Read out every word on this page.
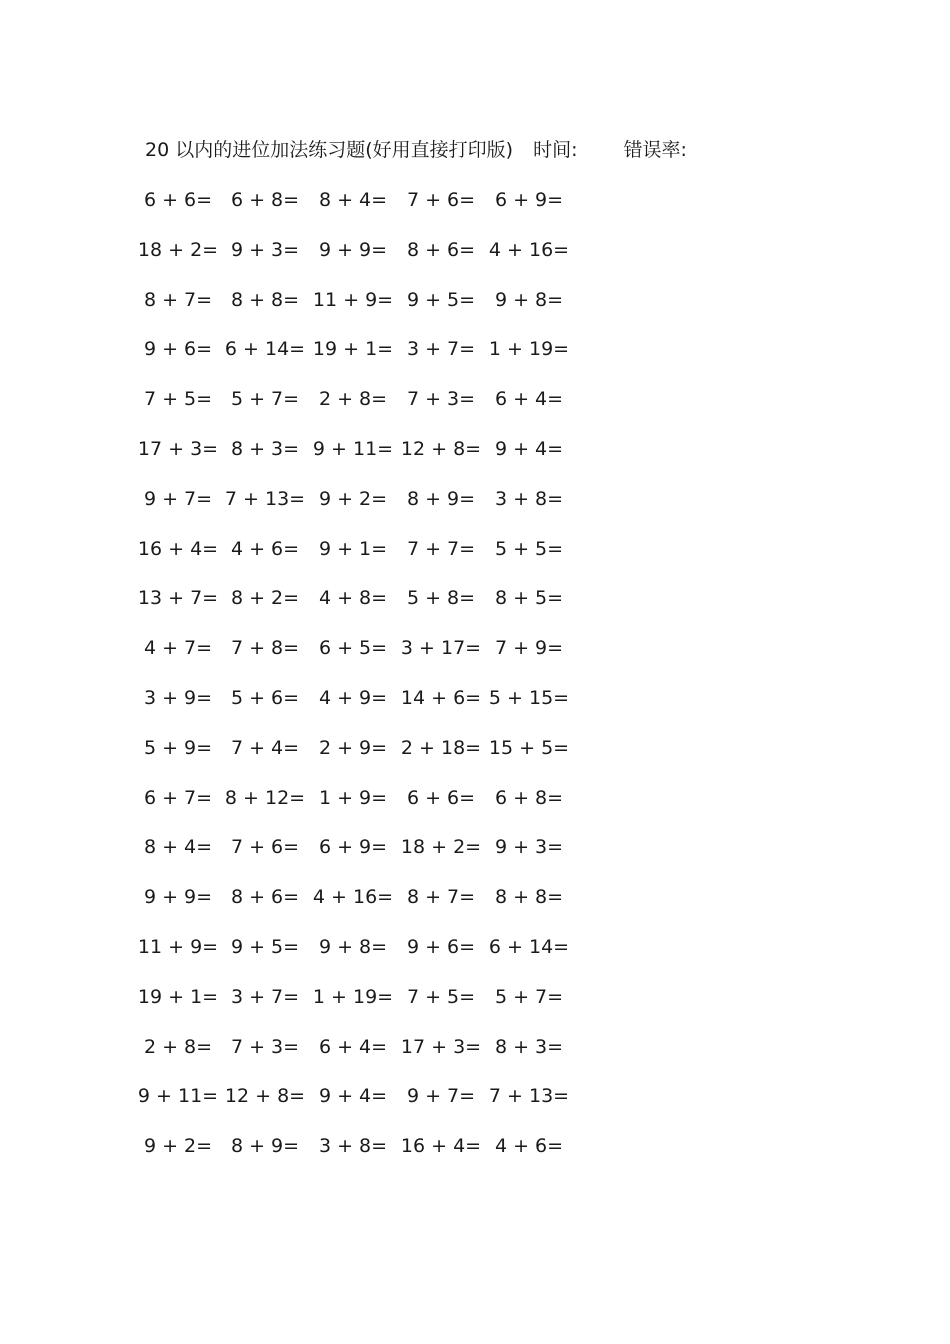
20 以内的进位加法练习题(好用直接打印版) 时间: 错误率:
6 + 6= 6 + 8= 8 + 4= 7 + 6= 6 + 9=
18 + 2= 9 + 3= 9 + 9= 8 + 6= 4 + 16=
8 + 7= 8 + 8= 11 + 9= 9 + 5= 9 + 8=
9 + 6= 6 + 14= 19 + 1= 3 + 7= 1 + 19=
7 + 5= 5 + 7= 2 + 8= 7 + 3= 6 + 4=
17 + 3= 8 + 3= 9 + 11= 12 + 8= 9 + 4=
9 + 7= 7 + 13= 9 + 2= 8 + 9= 3 + 8=
16 + 4= 4 + 6= 9 + 1= 7 + 7= 5 + 5=
13 + 7= 8 + 2= 4 + 8= 5 + 8= 8 + 5=
4 + 7= 7 + 8= 6 + 5= 3 + 17= 7 + 9=
3 + 9= 5 + 6= 4 + 9= 14 + 6= 5 + 15=
5 + 9= 7 + 4= 2 + 9= 2 + 18= 15 + 5=
6 + 7= 8 + 12= 1 + 9= 6 + 6= 6 + 8=
8 + 4= 7 + 6= 6 + 9= 18 + 2= 9 + 3=
9 + 9= 8 + 6= 4 + 16= 8 + 7= 8 + 8=
11 + 9= 9 + 5= 9 + 8= 9 + 6= 6 + 14=
19 + 1= 3 + 7= 1 + 19= 7 + 5= 5 + 7=
2 + 8= 7 + 3= 6 + 4= 17 + 3= 8 + 3=
9 + 11= 12 + 8= 9 + 4= 9 + 7= 7 + 13=
9 + 2= 8 + 9= 3 + 8= 16 + 4= 4 + 6=
